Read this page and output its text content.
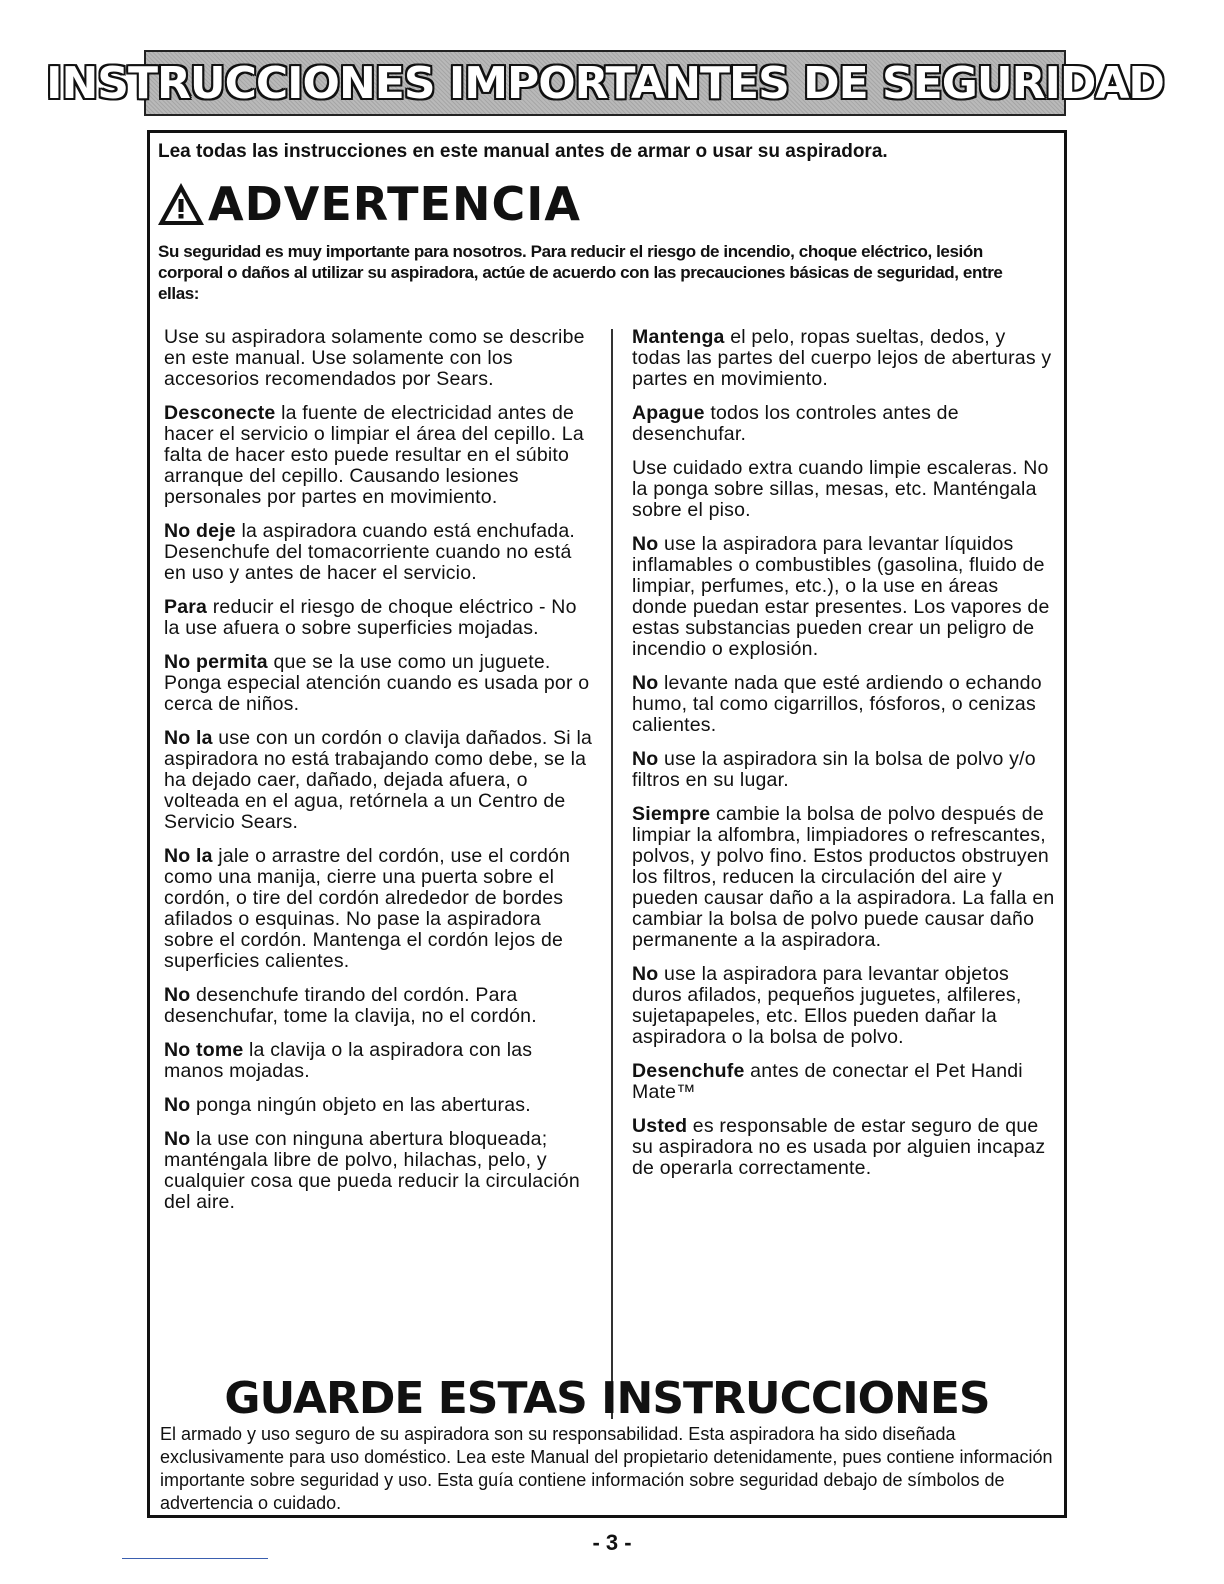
INSTRUCCIONES IMPORTANTES DE SEGURIDAD
Lea todas las instrucciones en este manual antes de armar o usar su aspiradora.
ADVERTENCIA
Su seguridad es muy importante para nosotros. Para reducir el riesgo de incendio, choque eléctrico, lesión corporal o daños al utilizar su aspiradora, actúe de acuerdo con las precauciones básicas de seguridad, entre ellas:

Use su aspiradora solamente como se describe en este manual. Use solamente con los accesorios recomendados por Sears.

Desconecte la fuente de electricidad antes de hacer el servicio o limpiar el área del cepillo. La falta de hacer esto puede resultar en el súbito arranque del cepillo. Causando lesiones personales por partes en movimiento.

No deje la aspiradora cuando está enchufada. Desenchufe del tomacorriente cuando no está en uso y antes de hacer el servicio.

Para reducir el riesgo de choque eléctrico - No la use afuera o sobre superficies mojadas.

No permita que se la use como un juguete. Ponga especial atención cuando es usada por o cerca de niños.

No la use con un cordón o clavija dañados. Si la aspiradora no está trabajando como debe, se la ha dejado caer, dañado, dejada afuera, o volteada en el agua, retórnela a un Centro de Servicio Sears.

No la jale o arrastre del cordón, use el cordón como una manija, cierre una puerta sobre el cordón, o tire del cordón alrededor de bordes afilados o esquinas. No pase la aspiradora sobre el cordón. Mantenga el cordón lejos de superficies calientes.

No desenchufe tirando del cordón. Para desenchufar, tome la clavija, no el cordón.

No tome la clavija o la aspiradora con las manos mojadas.

No ponga ningún objeto en las aberturas.

No la use con ninguna abertura bloqueada; manténgala libre de polvo, hilachas, pelo, y cualquier cosa que pueda reducir la circulación del aire.

Mantenga el pelo, ropas sueltas, dedos, y todas las partes del cuerpo lejos de aberturas y partes en movimiento.

Apague todos los controles antes de desenchufar.

Use cuidado extra cuando limpie escaleras. No la ponga sobre sillas, mesas, etc. Manténgala sobre el piso.

No use la aspiradora para levantar líquidos inflamables o combustibles (gasolina, fluido de limpiar, perfumes, etc.), o la use en áreas donde puedan estar presentes. Los vapores de estas substancias pueden crear un peligro de incendio o explosión.

No levante nada que esté ardiendo o echando humo, tal como cigarrillos, fósforos, o cenizas calientes.

No use la aspiradora sin la bolsa de polvo y/o filtros en su lugar.

Siempre cambie la bolsa de polvo después de limpiar la alfombra, limpiadores o refrescantes, polvos, y polvo fino. Estos productos obstruyen los filtros, reducen la circulación del aire y pueden causar daño a la aspiradora. La falla en cambiar la bolsa de polvo puede causar daño permanente a la aspiradora.

No use la aspiradora para levantar objetos duros afilados, pequeños juguetes, alfileres, sujetapapeles, etc. Ellos pueden dañar la aspiradora o la bolsa de polvo.

Desenchufe antes de conectar el Pet Handi Mate™

Usted es responsable de estar seguro de que su aspiradora no es usada por alguien incapaz de operarla correctamente.

GUARDE ESTAS INSTRUCCIONES
El armado y uso seguro de su aspiradora son su responsabilidad. Esta aspiradora ha sido diseñada exclusivamente para uso doméstico. Lea este Manual del propietario detenidamente, pues contiene información importante sobre seguridad y uso. Esta guía contiene información sobre seguridad debajo de símbolos de advertencia o cuidado.
- 3 -
